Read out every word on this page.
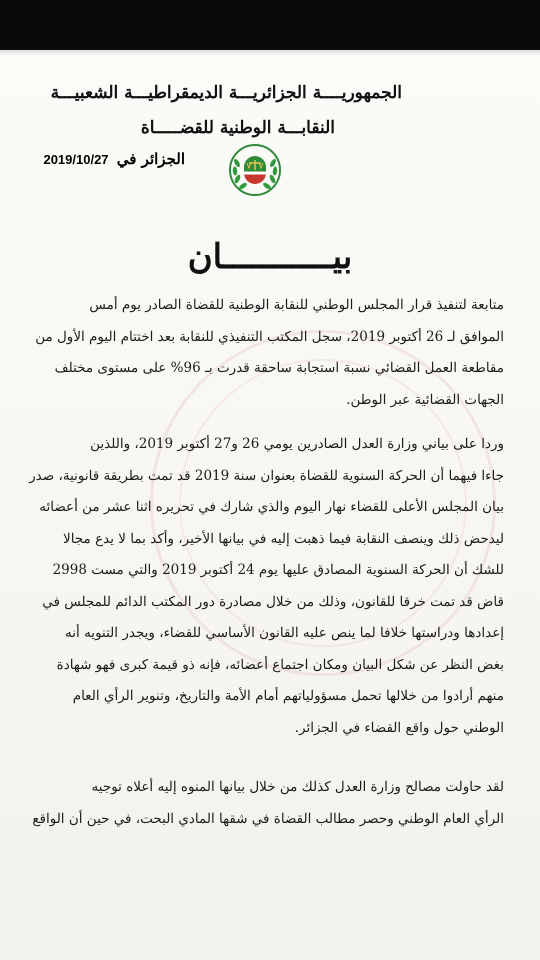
الجمهوريــــة الجزائريـــة الديمقراطيـــة الشعبيـــة
النقابـــة الوطنية للقضـــــاة
الجزائر في 2019/10/27
بيـــــــــــان
متابعة لتنفيذ قرار المجلس الوطني للنقابة الوطنية للقضاة الصادر يوم أمس
الموافق لـ 26 أكتوبر 2019، سجل المكتب التنفيذي للنقابة بعد اختتام اليوم الأول من
مقاطعة العمل القضائي نسبة استجابة ساحقة قدرت بـ 96% على مستوى مختلف
الجهات القضائية عبر الوطن.
وردا على بياني وزارة العدل الصادرين يومي 26 و27 أكتوبر 2019، واللذين
جاءا فيهما أن الحركة السنوية للقضاة بعنوان سنة 2019 قد تمت بطريقة قانونية، صدر
بيان المجلس الأعلى للقضاء نهار اليوم والذي شارك في تحريره اثنا عشر من أعضائه
ليدحض ذلك وينصف النقابة فيما ذهبت إليه في بيانها الأخير، وأكد بما لا يدع مجالا
للشك أن الحركة السنوية المصادق عليها يوم 24 أكتوبر 2019 والتي مست 2998
قاض قد تمت خرقا للقانون، وذلك من خلال مصادرة دور المكتب الدائم للمجلس في
إعدادها ودراستها خلافا لما ينص عليه القانون الأساسي للقضاء، ويجدر التنويه أنه
بغض النظر عن شكل البيان ومكان اجتماع أعضائه، فإنه ذو قيمة كبرى فهو شهادة
منهم أرادوا من خلالها تحمل مسؤولياتهم أمام الأمة والتاريخ، وتنوير الرأي العام
الوطني حول واقع القضاء في الجزائر.
لقد حاولت مصالح وزارة العدل كذلك من خلال بيانها المنوه إليه أعلاه توجيه
الرأي العام الوطني وحصر مطالب القضاة في شقها المادي البحت، في حين أن الواقع
